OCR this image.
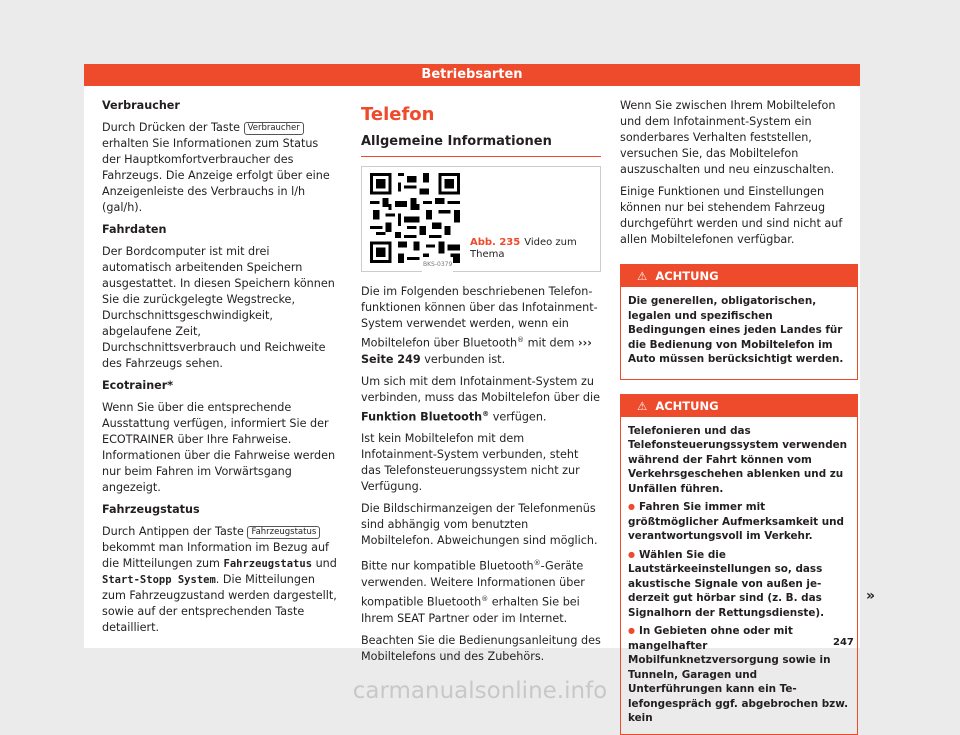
Betriebsarten

Verbraucher

Durch Drücken der Taste Verbraucher erhalten Sie Informationen zum Status der Hauptkomfortverbraucher des Fahrzeugs. Die Anzeige erfolgt über eine Anzeigenleiste des Verbrauchs in l/h (gal/h).

Fahrdaten

Der Bordcomputer ist mit drei automatisch arbeitenden Speichern ausgestattet. In diesen Speichern können Sie die zurückgelegte Wegstrecke, Durchschnittsgeschwindigkeit, abgelaufene Zeit, Durchschnittsverbrauch und Reichweite des Fahrzeugs sehen.

Ecotrainer*

Wenn Sie über die entsprechende Ausstattung verfügen, informiert Sie der ECOTRAINER über Ihre Fahrweise. Informationen über die Fahrweise werden nur beim Fahren im Vorwärtsgang angezeigt.

Fahrzeugstatus

Durch Antippen der Taste Fahrzeugstatus bekommt man Information im Bezug auf die Mitteilungen zum Fahrzeugstatus und Start-Stopp System. Die Mitteilungen zum Fahrzeugzustand werden dargestellt, sowie auf der entsprechenden Taste detailliert.

Telefon
Allgemeine Informationen
BKS-0379
Abb. 235 Video zum Thema

Die im Folgenden beschriebenen Telefonfunktionen können über das Infotainment-System verwendet werden, wenn ein Mobiltelefon über Bluetooth® mit dem ››› Seite 249 verbunden ist.

Um sich mit dem Infotainment-System zu verbinden, muss das Mobiltelefon über die Funktion Bluetooth® verfügen.

Ist kein Mobiltelefon mit dem Infotainment-System verbunden, steht das Telefonsteuerungssystem nicht zur Verfügung.

Die Bildschirmanzeigen der Telefonmenüs sind abhängig vom benutzten Mobiltelefon. Abweichungen sind möglich.

Bitte nur kompatible Bluetooth®-Geräte verwenden. Weitere Informationen über kompatible Bluetooth® erhalten Sie bei Ihrem SEAT Partner oder im Internet.

Beachten Sie die Bedienungsanleitung des Mobiltelefons und des Zubehörs.

Wenn Sie zwischen Ihrem Mobiltelefon und dem Infotainment-System ein sonderbares Verhalten feststellen, versuchen Sie, das Mobiltelefon auszuschalten und neu einzuschalten.

Einige Funktionen und Einstellungen können nur bei stehendem Fahrzeug durchgeführt werden und sind nicht auf allen Mobiltelefonen verfügbar.

⚠ ACHTUNG

Die generellen, obligatorischen, legalen und spezifischen Bedingungen eines jeden Landes für die Bedienung von Mobiltelefon im Auto müssen berücksichtigt werden.

⚠ ACHTUNG

Telefonieren und das Telefonsteuerungssystem verwenden während der Fahrt können vom Verkehrsgeschehen ablenken und zu Unfällen führen.

● Fahren Sie immer mit größtmöglicher Aufmerksamkeit und verantwortungsvoll im Verkehr.

● Wählen Sie die Lautstärkeeinstellungen so, dass akustische Signale von außen jederzeit gut hörbar sind (z. B. das Signalhorn der Rettungsdienste).

● In Gebieten ohne oder mit mangelhafter Mobilfunknetzversorgung sowie in Tunneln, Garagen und Unterführungen kann ein Telefongespräch ggf. abgebrochen bzw. kein

»
247
carmanualsonline.info
